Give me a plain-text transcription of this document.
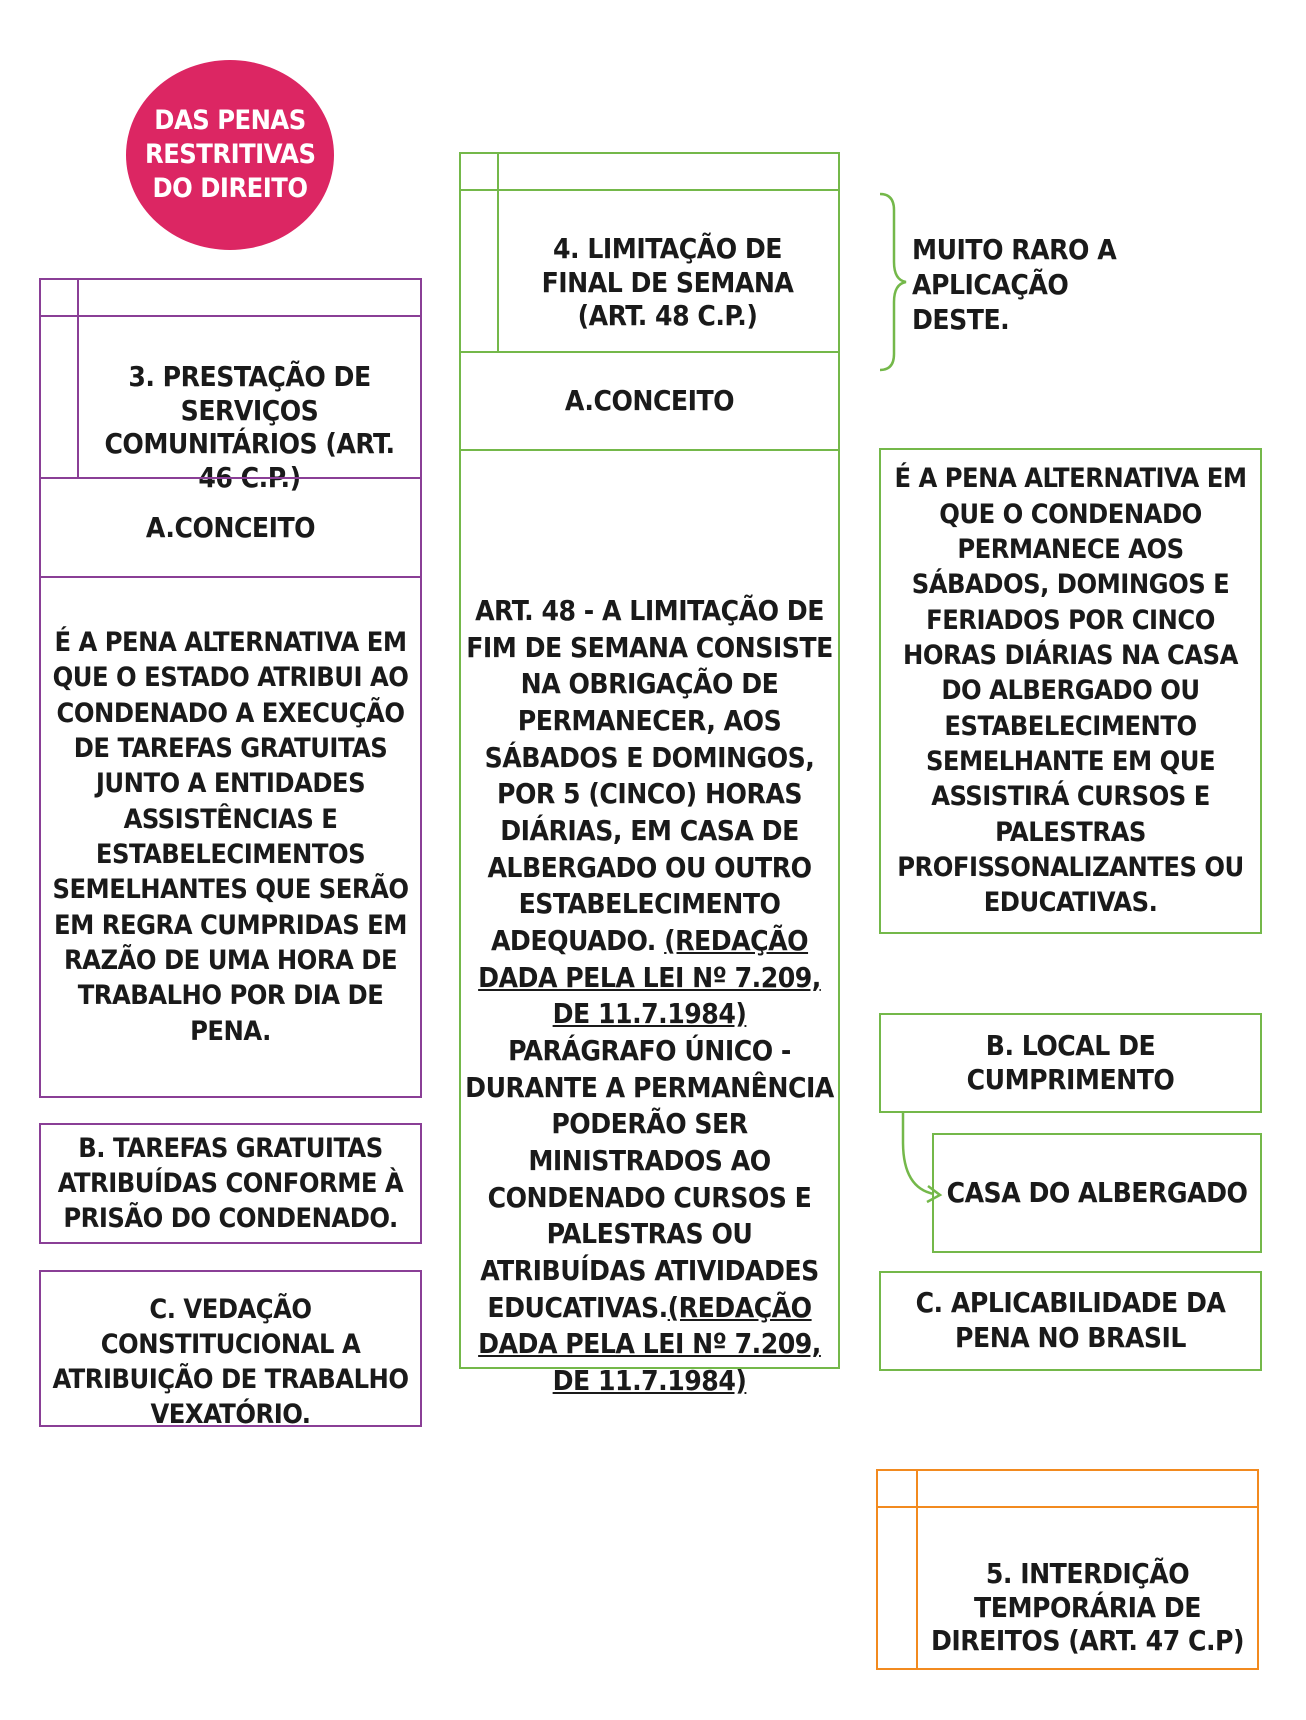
DAS PENAS RESTRITIVAS DO DIREITO
3. PRESTAÇÃO DE SERVIÇOS COMUNITÁRIOS (ART. 46 C.P.)
A.CONCEITO
É A PENA ALTERNATIVA EM QUE O ESTADO ATRIBUI AO CONDENADO A EXECUÇÃO DE TAREFAS GRATUITAS JUNTO A ENTIDADES ASSISTÊNCIAS E ESTABELECIMENTOS SEMELHANTES QUE SERÃO EM REGRA CUMPRIDAS EM RAZÃO DE UMA HORA DE TRABALHO POR DIA DE PENA.
B. TAREFAS GRATUITAS ATRIBUÍDAS CONFORME À PRISÃO DO CONDENADO.
C. VEDAÇÃO CONSTITUCIONAL A ATRIBUIÇÃO DE TRABALHO VEXATÓRIO.
4. LIMITAÇÃO DE FINAL DE SEMANA (ART. 48 C.P.)
A.CONCEITO
ART. 48 - A LIMITAÇÃO DE FIM DE SEMANA CONSISTE NA OBRIGAÇÃO DE PERMANECER, AOS SÁBADOS E DOMINGOS, POR 5 (CINCO) HORAS DIÁRIAS, EM CASA DE ALBERGADO OU OUTRO ESTABELECIMENTO ADEQUADO. (REDAÇÃO DADA PELA LEI Nº 7.209, DE 11.7.1984) PARÁGRAFO ÚNICO - DURANTE A PERMANÊNCIA PODERÃO SER MINISTRADOS AO CONDENADO CURSOS E PALESTRAS OU ATRIBUÍDAS ATIVIDADES EDUCATIVAS.(REDAÇÃO DADA PELA LEI Nº 7.209, DE 11.7.1984)
MUITO RARO A APLICAÇÃO DESTE.
É A PENA ALTERNATIVA EM QUE O CONDENADO PERMANECE AOS SÁBADOS, DOMINGOS E FERIADOS POR CINCO HORAS DIÁRIAS NA CASA DO ALBERGADO OU ESTABELECIMENTO SEMELHANTE EM QUE ASSISTIRÁ CURSOS E PALESTRAS PROFISSONALIZANTES OU EDUCATIVAS.
B. LOCAL DE CUMPRIMENTO
CASA DO ALBERGADO
C. APLICABILIDADE DA PENA NO BRASIL
5. INTERDIÇÃO TEMPORÁRIA DE DIREITOS (ART. 47 C.P)
